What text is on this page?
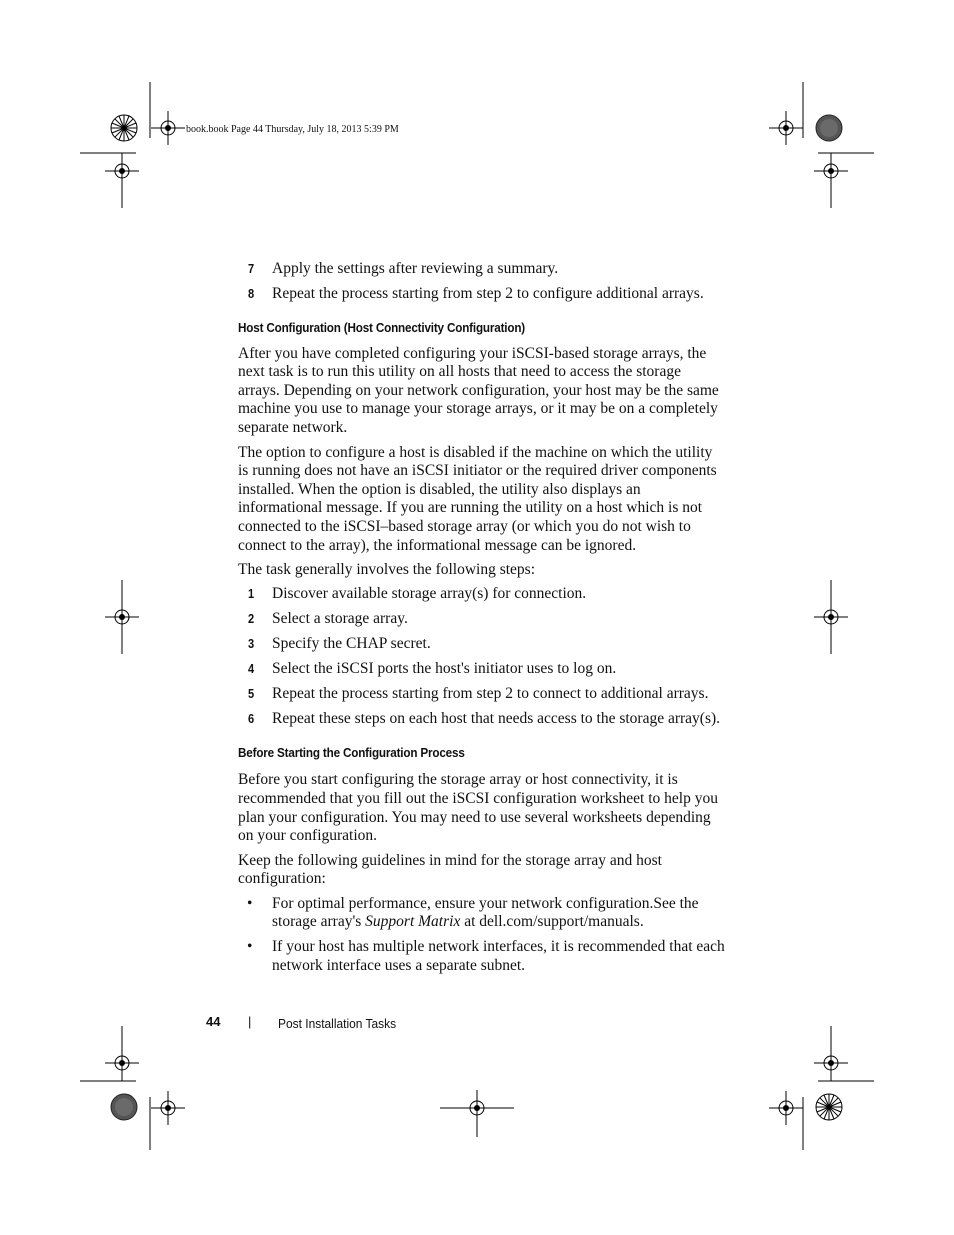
book.book Page 44 Thursday, July 18, 2013 5:39 PM
7 Apply the settings after reviewing a summary.
8 Repeat the process starting from step 2 to configure additional arrays.
Host Configuration (Host Connectivity Configuration)

After you have completed configuring your iSCSI-based storage arrays, the
next task is to run this utility on all hosts that need to access the storage
arrays. Depending on your network configuration, your host may be the same
machine you use to manage your storage arrays, or it may be on a completely
separate network.

The option to configure a host is disabled if the machine on which the utility
is running does not have an iSCSI initiator or the required driver components
installed. When the option is disabled, the utility also displays an
informational message. If you are running the utility on a host which is not
connected to the iSCSI–based storage array (or which you do not wish to
connect to the array), the informational message can be ignored.

The task generally involves the following steps:

1 Discover available storage array(s) for connection.
2 Select a storage array.
3 Specify the CHAP secret.
4 Select the iSCSI ports the host's initiator uses to log on.
5 Repeat the process starting from step 2 to connect to additional arrays.
6 Repeat these steps on each host that needs access to the storage array(s).
Before Starting the Configuration Process

Before you start configuring the storage array or host connectivity, it is
recommended that you fill out the iSCSI configuration worksheet to help you
plan your configuration. You may need to use several worksheets depending
on your configuration.

Keep the following guidelines in mind for the storage array and host
configuration:

• For optimal performance, ensure your network configuration.See the
storage array's Support Matrix at dell.com/support/manuals.
• If your host has multiple network interfaces, it is recommended that each
network interface uses a separate subnet.
44 | Post Installation Tasks
